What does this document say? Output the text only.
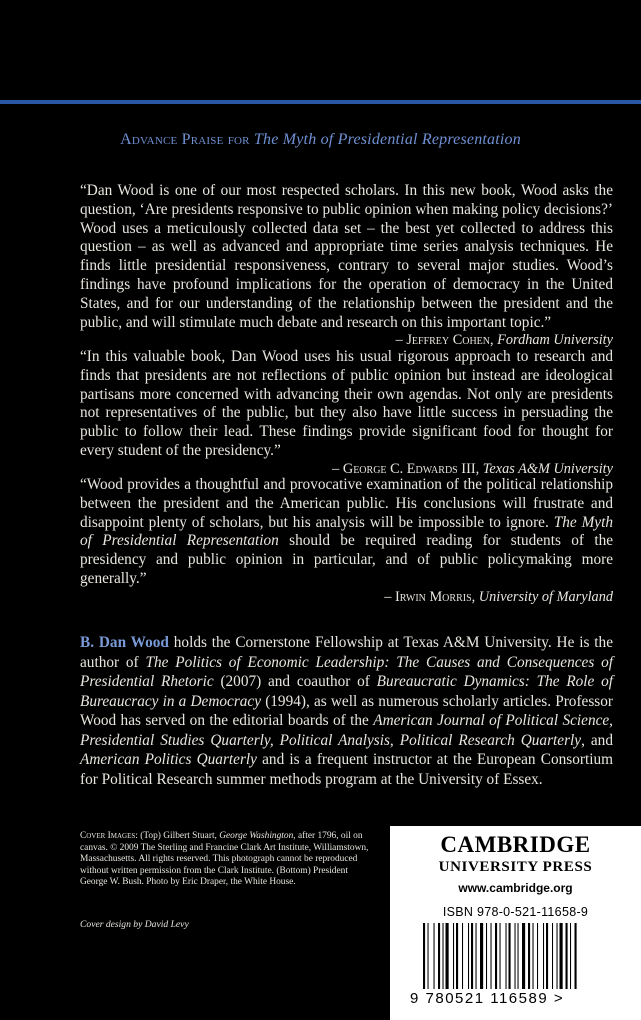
Advance Praise for The Myth of Presidential Representation
“Dan Wood is one of our most respected scholars. In this new book, Wood asks the question, ‘Are presidents responsive to public opinion when making policy decisions?’ Wood uses a meticulously collected data set – the best yet collected to address this question – as well as advanced and appropriate time series analysis techniques. He finds little presidential responsiveness, contrary to several major studies. Wood’s findings have profound implications for the operation of democracy in the United States, and for our understanding of the relationship between the president and the public, and will stimulate much debate and research on this important topic.”
– Jeffrey Cohen, Fordham University
“In this valuable book, Dan Wood uses his usual rigorous approach to research and finds that presidents are not reflections of public opinion but instead are ideological partisans more concerned with advancing their own agendas. Not only are presidents not representatives of the public, but they also have little success in persuading the public to follow their lead. These findings provide significant food for thought for every student of the presidency.”
– George C. Edwards III, Texas A&M University
“Wood provides a thoughtful and provocative examination of the political relationship between the president and the American public. His conclusions will frustrate and disappoint plenty of scholars, but his analysis will be impossible to ignore. The Myth of Presidential Representation should be required reading for students of the presidency and public opinion in particular, and of public policymaking more generally.”
– Irwin Morris, University of Maryland
B. Dan Wood holds the Cornerstone Fellowship at Texas A&M University. He is the author of The Politics of Economic Leadership: The Causes and Consequences of Presidential Rhetoric (2007) and coauthor of Bureaucratic Dynamics: The Role of Bureaucracy in a Democracy (1994), as well as numerous scholarly articles. Professor Wood has served on the editorial boards of the American Journal of Political Science, Presidential Studies Quarterly, Political Analysis, Political Research Quarterly, and American Politics Quarterly and is a frequent instructor at the European Consortium for Political Research summer methods program at the University of Essex.
Cover Images: (Top) Gilbert Stuart, George Washington, after 1796, oil on canvas. © 2009 The Sterling and Francine Clark Art Institute, Williamstown, Massachusetts. All rights reserved. This photograph cannot be reproduced without written permission from the Clark Institute. (Bottom) President George W. Bush. Photo by Eric Draper, the White House.
Cover design by David Levy
CAMBRIDGE
UNIVERSITY PRESS
www.cambridge.org
ISBN 978-0-521-11658-9
9 780521 116589 >
